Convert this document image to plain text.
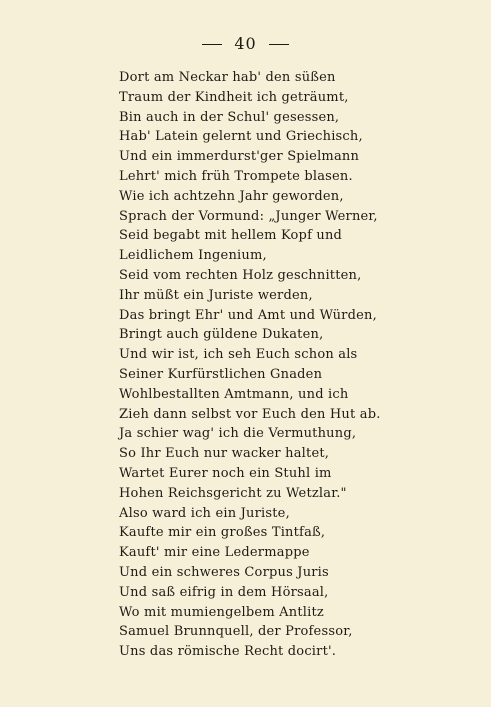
40
Dort am Neckar hab' den süßen
Traum der Kindheit ich geträumt,
Bin auch in der Schul' gesessen,
Hab' Latein gelernt und Griechisch,
Und ein immerdurst'ger Spielmann
Lehrt' mich früh Trompete blasen.
Wie ich achtzehn Jahr geworden,
Sprach der Vormund: „Junger Werner,
Seid begabt mit hellem Kopf und
Leidlichem Ingenium,
Seid vom rechten Holz geschnitten,
Ihr müßt ein Juriste werden,
Das bringt Ehr' und Amt und Würden,
Bringt auch güldene Dukaten,
Und wir ist, ich seh Euch schon als
Seiner Kurfürstlichen Gnaden
Wohlbestallten Amtmann, und ich
Zieh dann selbst vor Euch den Hut ab.
Ja schier wag' ich die Vermuthung,
So Ihr Euch nur wacker haltet,
Wartet Eurer noch ein Stuhl im
Hohen Reichsgericht zu Wetzlar."
Also ward ich ein Juriste,
Kaufte mir ein großes Tintfaß,
Kauft' mir eine Ledermappe
Und ein schweres Corpus Juris
Und saß eifrig in dem Hörsaal,
Wo mit mumiengelbem Antlitz
Samuel Brunnquell, der Professor,
Uns das römische Recht docirt'.
